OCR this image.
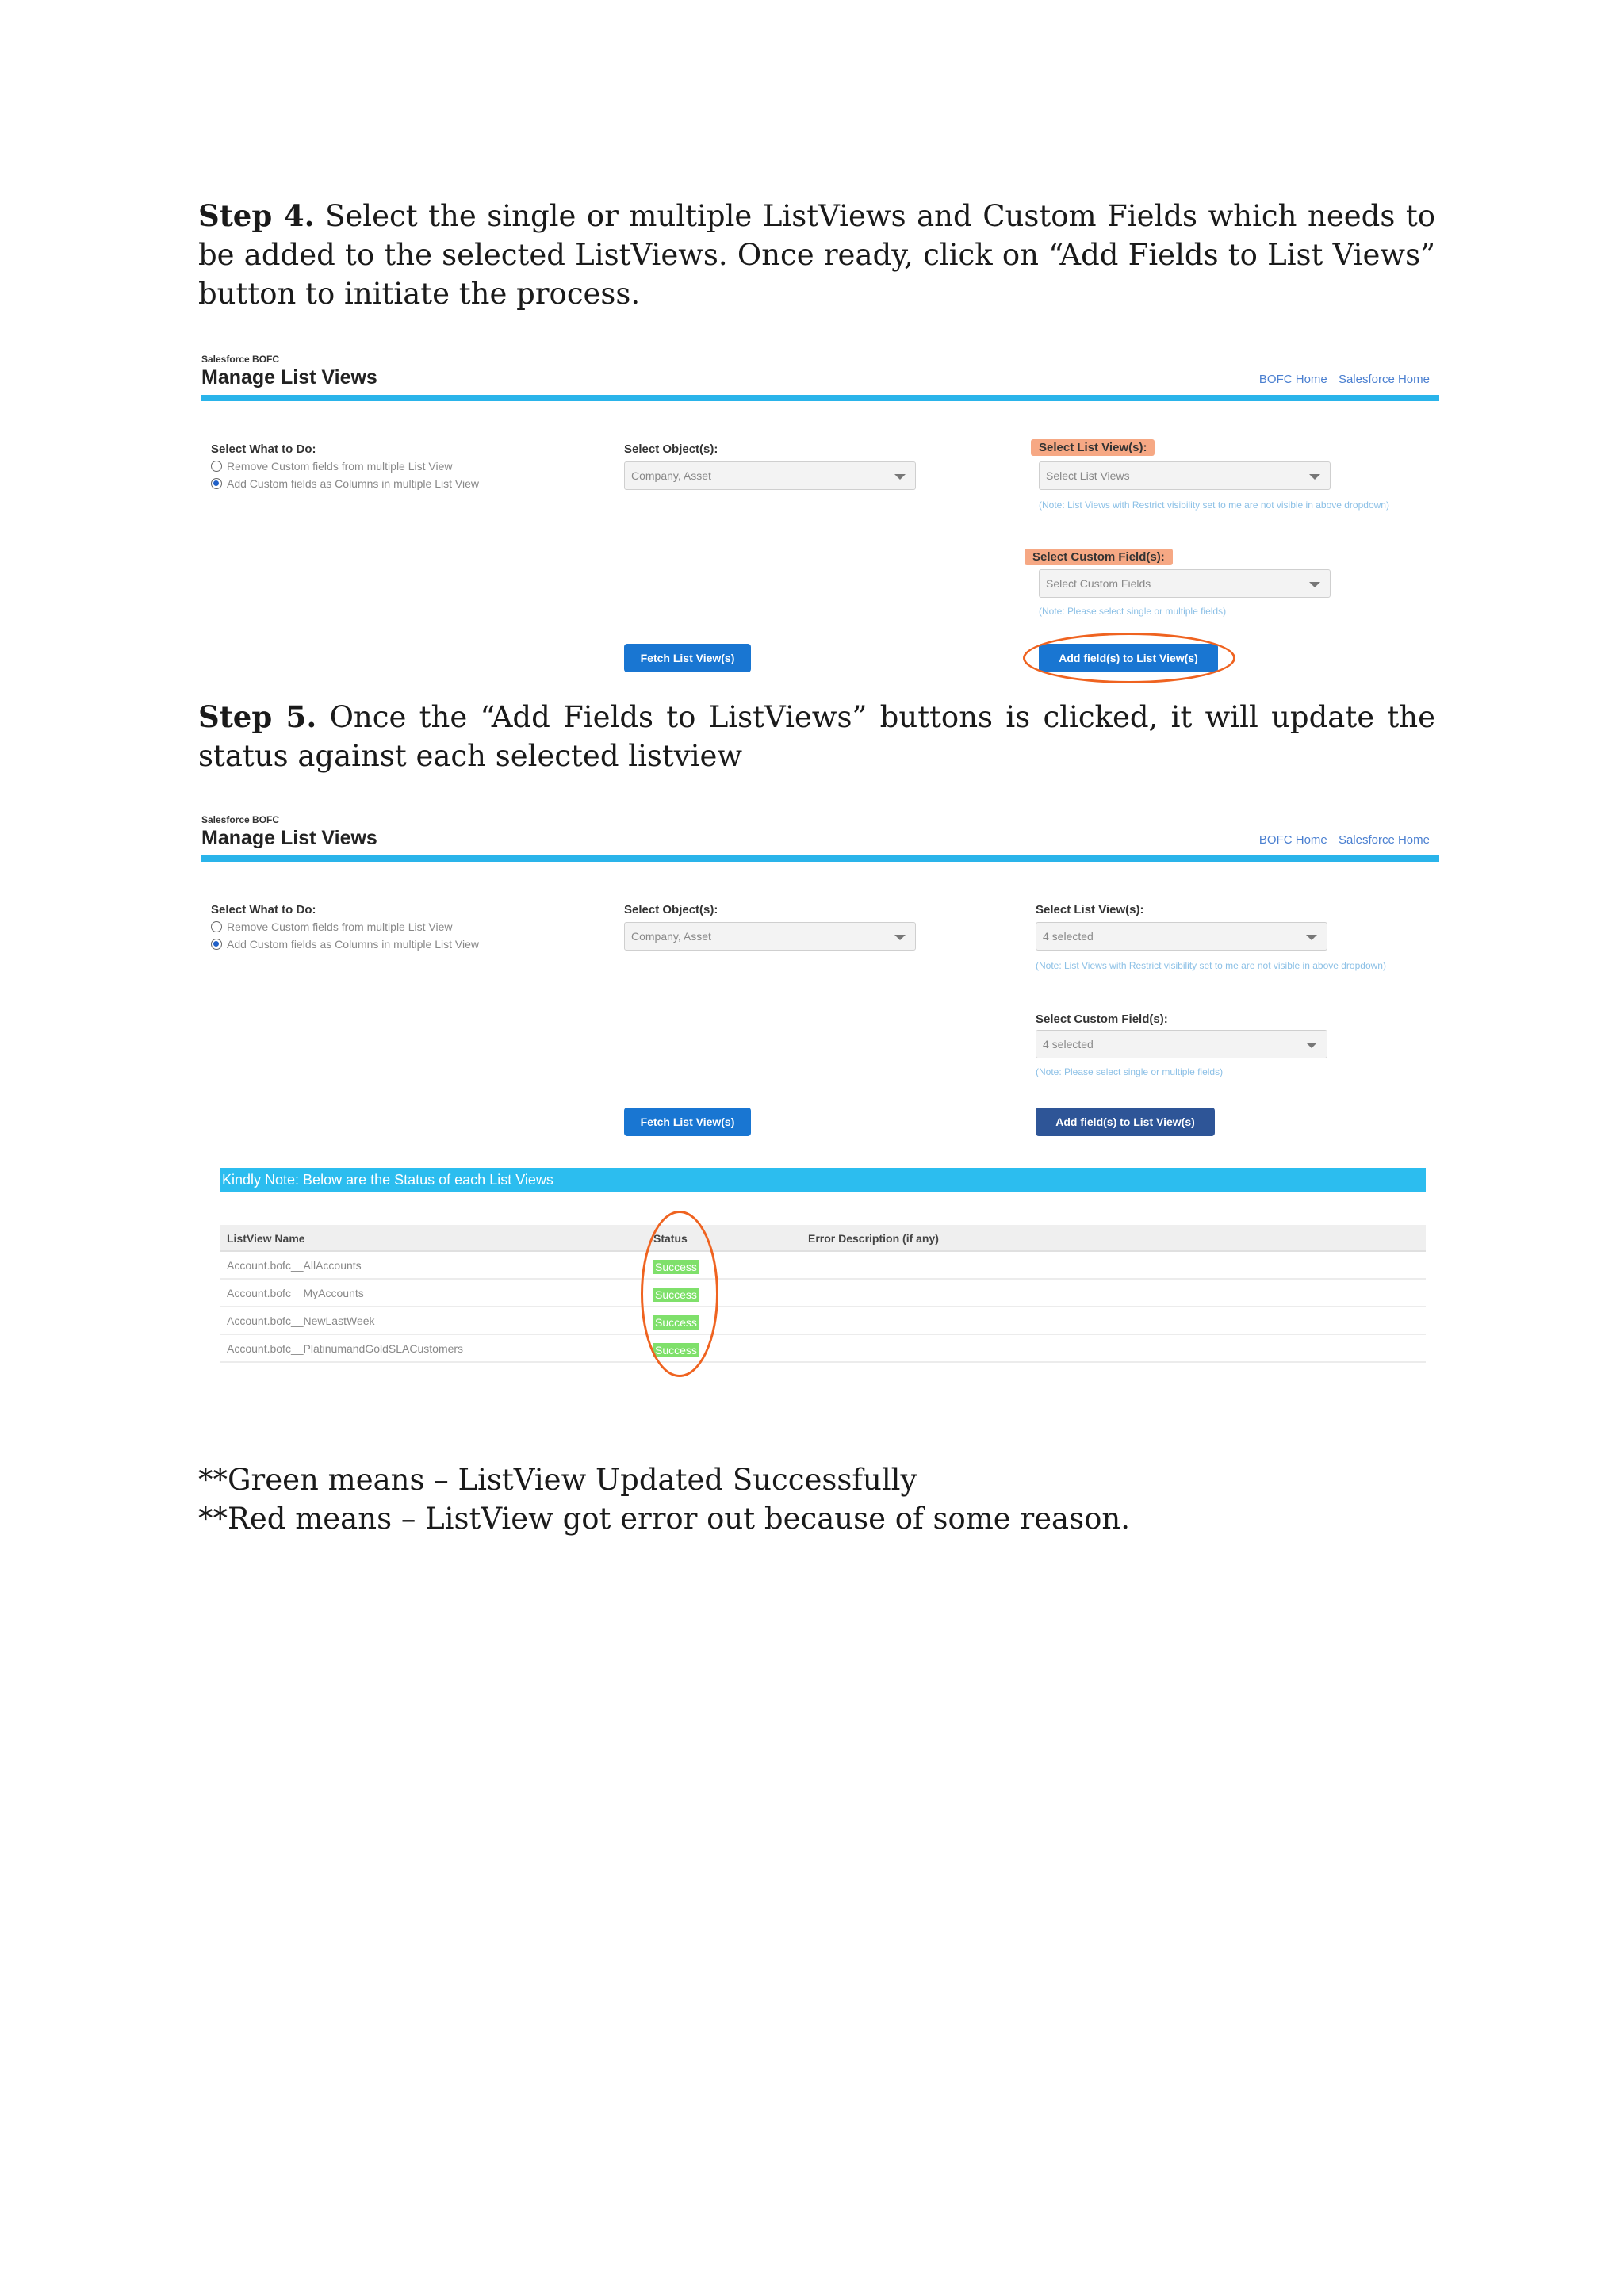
Step 4. Select the single or multiple ListViews and Custom Fields which needs to be added to the selected ListViews. Once ready, click on “Add Fields to List Views” button to initiate the process.

Salesforce BOFC
Manage List Views	BOFC Home Salesforce Home
Select What to Do:
Remove Custom fields from multiple List View
Add Custom fields as Columns in multiple List View
Select Object(s):
Company, Asset
Select List View(s):
Select List Views
(Note: List Views with Restrict visibility set to me are not visible in above dropdown)
Select Custom Field(s):
Select Custom Fields
(Note: Please select single or multiple fields)
Fetch List View(s)	Add field(s) to List View(s)

Step 5. Once the “Add Fields to ListViews” buttons is clicked, it will update the status against each selected listview

Salesforce BOFC
Manage List Views	BOFC Home Salesforce Home
Select What to Do:
Remove Custom fields from multiple List View
Add Custom fields as Columns in multiple List View
Select Object(s):
Company, Asset
Select List View(s):
4 selected
(Note: List Views with Restrict visibility set to me are not visible in above dropdown)
Select Custom Field(s):
4 selected
(Note: Please select single or multiple fields)
Fetch List View(s)	Add field(s) to List View(s)
Kindly Note: Below are the Status of each List Views
ListView Name	Status	Error Description (if any)
Account.bofc__AllAccounts	Success
Account.bofc__MyAccounts	Success
Account.bofc__NewLastWeek	Success
Account.bofc__PlatinumandGoldSLACustomers	Success

**Green means – ListView Updated Successfully

**Red means – ListView got error out because of some reason.
